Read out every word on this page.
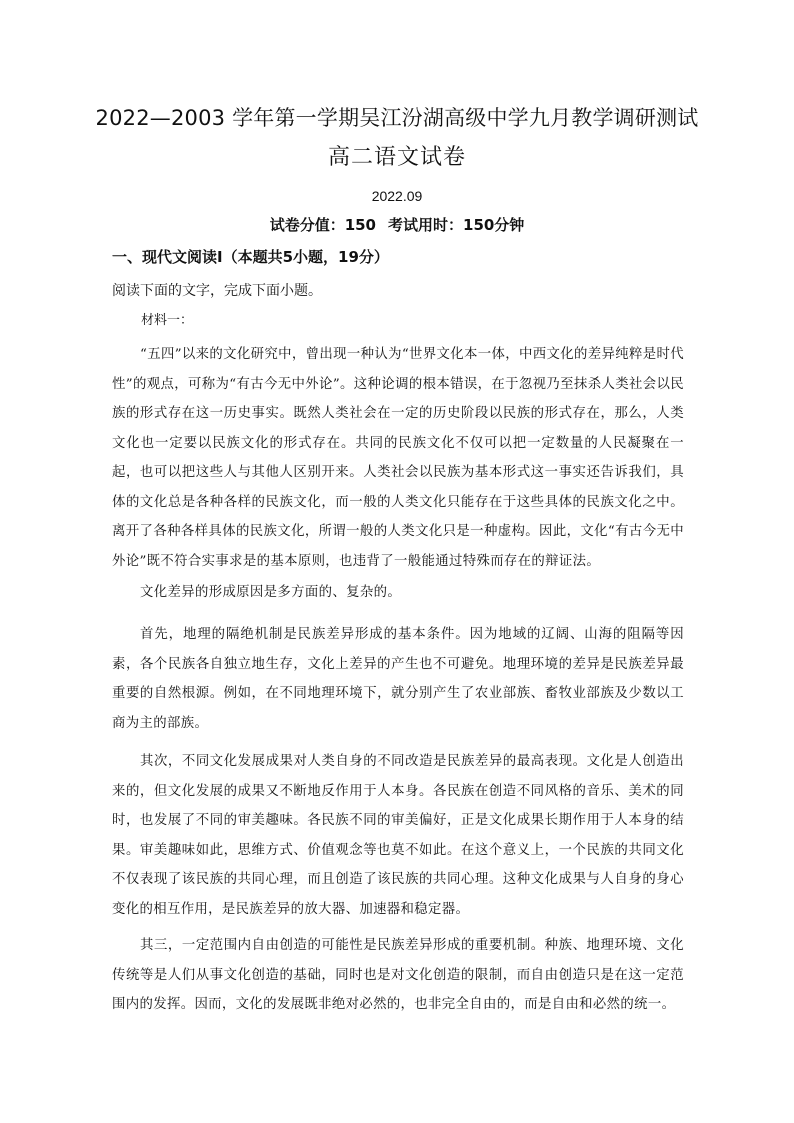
2022—2003 学年第一学期吴江汾湖高级中学九月教学调研测试
高二语文试卷
2022.09
试卷分值：150 考试用时：150分钟
一、现代文阅读Ⅰ（本题共5小题，19分）
阅读下面的文字，完成下面小题。
材料一：

“五四”以来的文化研究中，曾出现一种认为“世界文化本一体，中西文化的差异纯粹是时代性”的观点，可称为“有古今无中外论”。这种论调的根本错误，在于忽视乃至抹杀人类社会以民族的形式存在这一历史事实。既然人类社会在一定的历史阶段以民族的形式存在，那么，人类文化也一定要以民族文化的形式存在。共同的民族文化不仅可以把一定数量的人民凝聚在一起，也可以把这些人与其他人区别开来。人类社会以民族为基本形式这一事实还告诉我们，具体的文化总是各种各样的民族文化，而一般的人类文化只能存在于这些具体的民族文化之中。离开了各种各样具体的民族文化，所谓一般的人类文化只是一种虚构。因此，文化“有古今无中外论”既不符合实事求是的基本原则，也违背了一般能通过特殊而存在的辩证法。

文化差异的形成原因是多方面的、复杂的。

首先，地理的隔绝机制是民族差异形成的基本条件。因为地域的辽阔、山海的阻隔等因素，各个民族各自独立地生存，文化上差异的产生也不可避免。地理环境的差异是民族差异最重要的自然根源。例如，在不同地理环境下，就分别产生了农业部族、畜牧业部族及少数以工商为主的部族。

其次，不同文化发展成果对人类自身的不同改造是民族差异的最高表现。文化是人创造出来的，但文化发展的成果又不断地反作用于人本身。各民族在创造不同风格的音乐、美术的同时，也发展了不同的审美趣味。各民族不同的审美偏好，正是文化成果长期作用于人本身的结果。审美趣味如此，思维方式、价值观念等也莫不如此。在这个意义上，一个民族的共同文化不仅表现了该民族的共同心理，而且创造了该民族的共同心理。这种文化成果与人自身的身心变化的相互作用，是民族差异的放大器、加速器和稳定器。

其三，一定范围内自由创造的可能性是民族差异形成的重要机制。种族、地理环境、文化传统等是人们从事文化创造的基础，同时也是对文化创造的限制，而自由创造只是在这一定范围内的发挥。因而，文化的发展既非绝对必然的，也非完全自由的，而是自由和必然的统一。
